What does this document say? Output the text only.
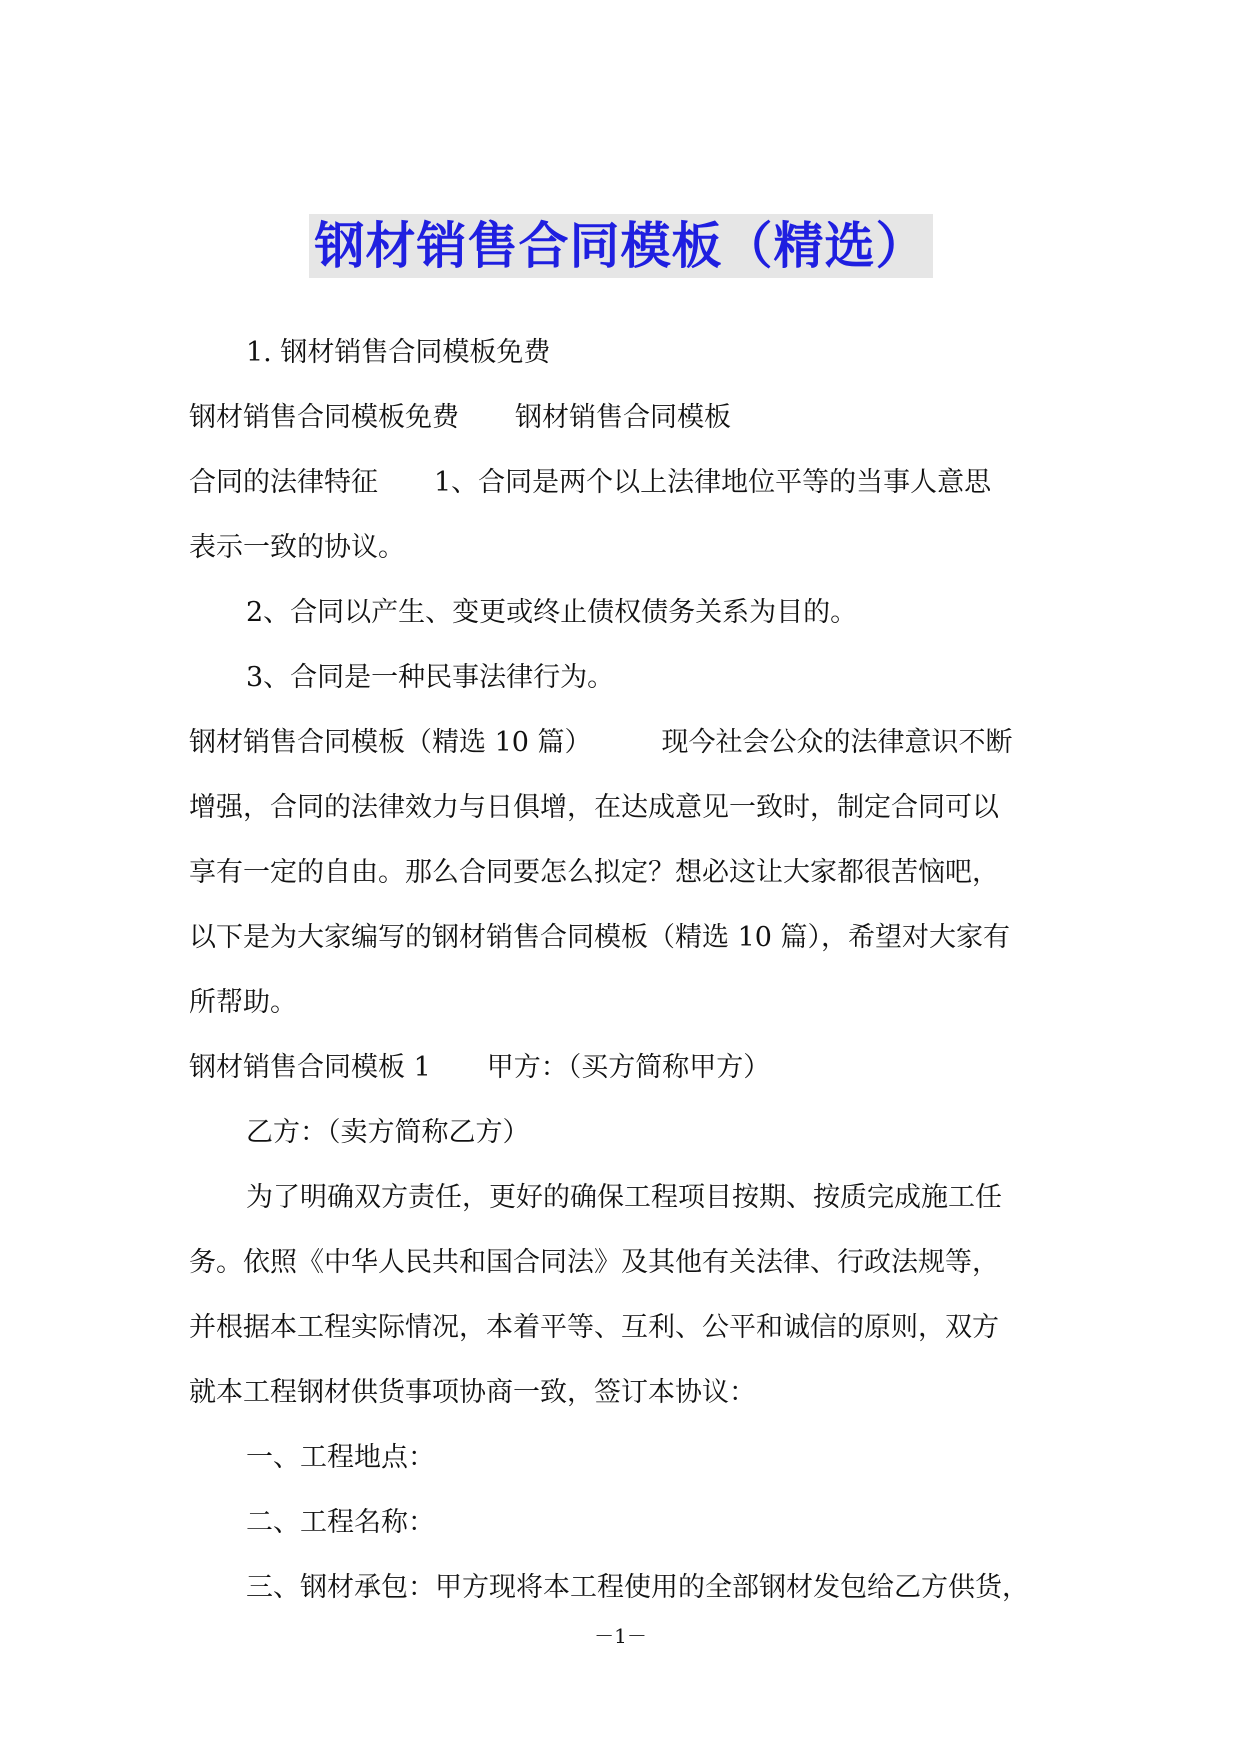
钢材销售合同模板（精选）
1. 钢材销售合同模板免费
钢材销售合同模板免费 钢材销售合同模板
合同的法律特征 1、合同是两个以上法律地位平等的当事人意思
表示一致的协议。
2、合同以产生、变更或终止债权债务关系为目的。
3、合同是一种民事法律行为。
钢材销售合同模板（精选 10 篇）	现今社会公众的法律意识不断
增强，合同的法律效力与日俱增，在达成意见一致时，制定合同可以
享有一定的自由。那么合同要怎么拟定？想必这让大家都很苦恼吧，
以下是为大家编写的钢材销售合同模板（精选 10 篇），希望对大家有
所帮助。
钢材销售合同模板 1 甲方：（买方简称甲方）
乙方：（卖方简称乙方）
为了明确双方责任，更好的确保工程项目按期、按质完成施工任
务。依照《中华人民共和国合同法》及其他有关法律、行政法规等，
并根据本工程实际情况，本着平等、互利、公平和诚信的原则，双方
就本工程钢材供货事项协商一致，签订本协议：
一、工程地点：
二、工程名称：
三、钢材承包：甲方现将本工程使用的全部钢材发包给乙方供货，
－1－
